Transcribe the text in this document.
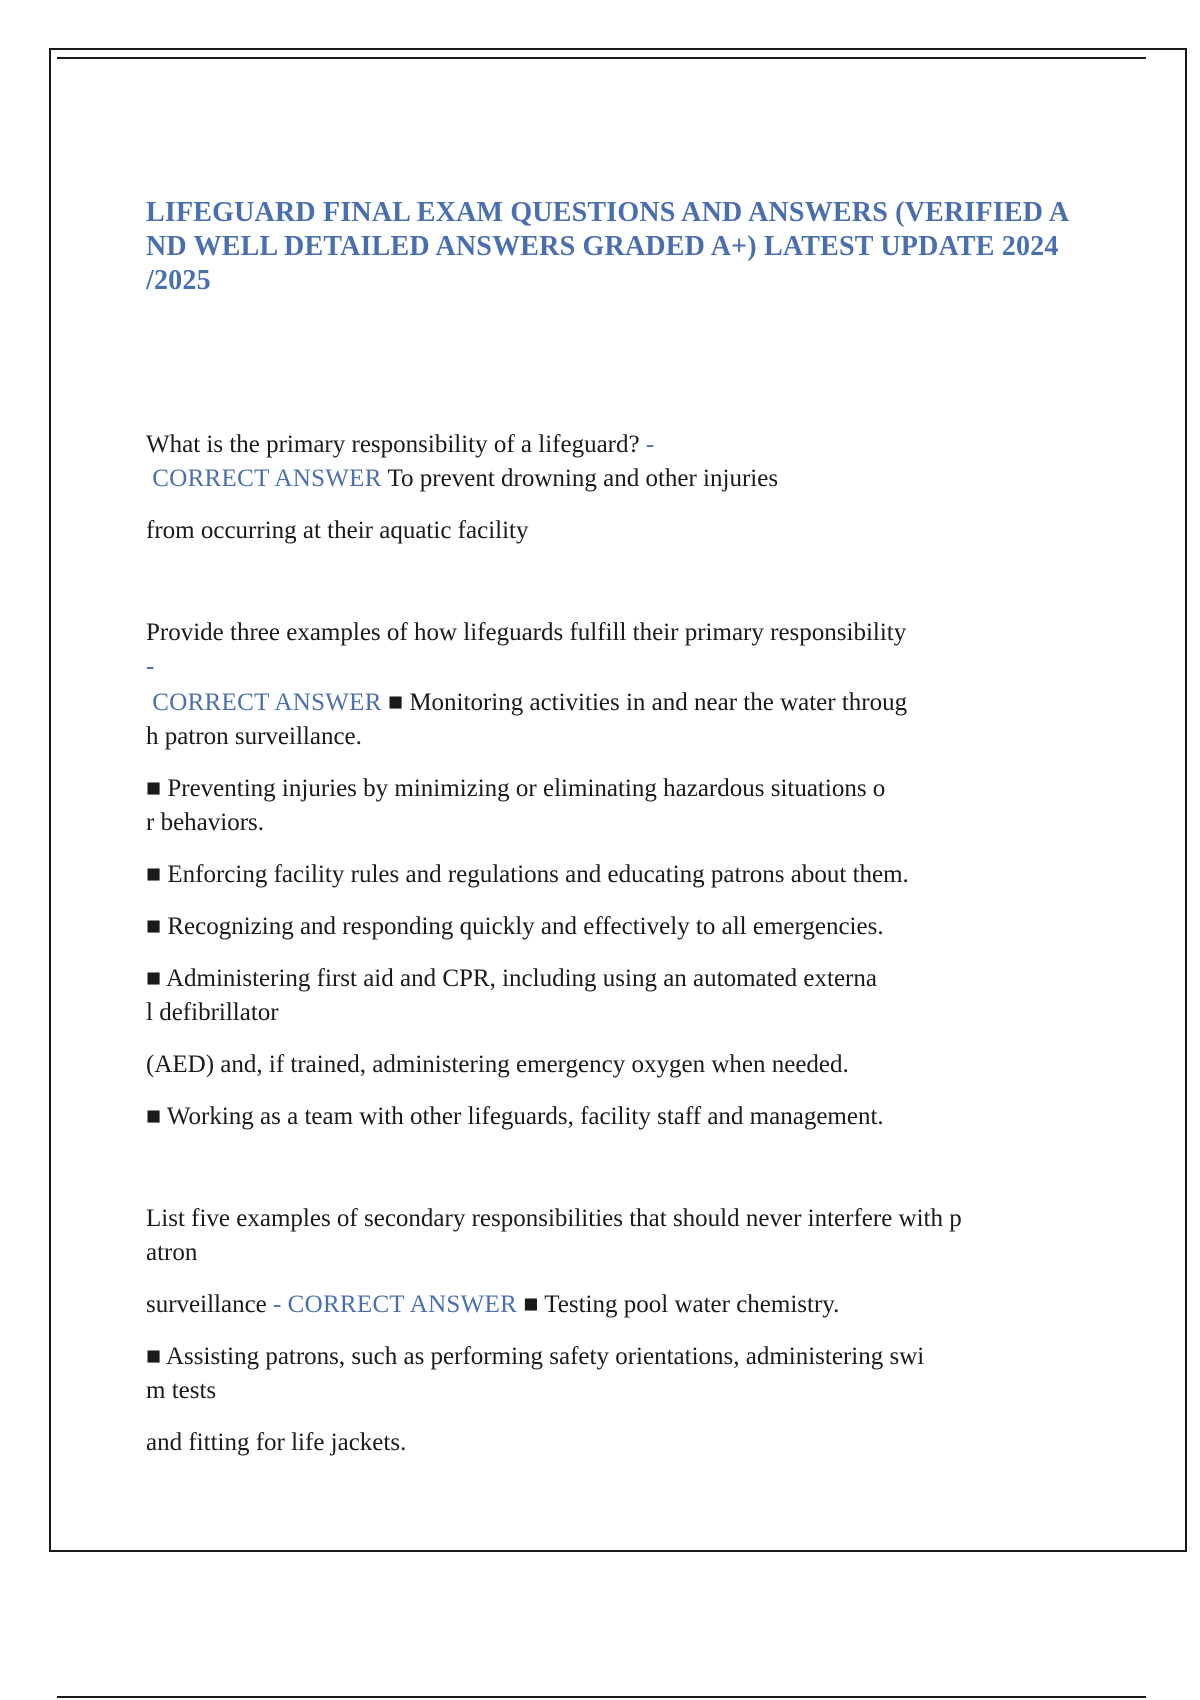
LIFEGUARD FINAL EXAM QUESTIONS AND ANSWERS (VERIFIED A
ND WELL DETAILED ANSWERS GRADED A+) LATEST UPDATE 2024
/2025

What is the primary responsibility of a lifeguard? -

CORRECT ANSWER To prevent drowning and other injuries

from occurring at their aquatic facility

Provide three examples of how lifeguards fulfill their primary responsibility

-

CORRECT ANSWER ■ Monitoring activities in and near the water throug

h patron surveillance.

■ Preventing injuries by minimizing or eliminating hazardous situations o

r behaviors.

■ Enforcing facility rules and regulations and educating patrons about them.

■ Recognizing and responding quickly and effectively to all emergencies.

■ Administering first aid and CPR, including using an automated externa

l defibrillator

(AED) and, if trained, administering emergency oxygen when needed.

■ Working as a team with other lifeguards, facility staff and management.

List five examples of secondary responsibilities that should never interfere with p

atron

surveillance - CORRECT ANSWER ■ Testing pool water chemistry.

■ Assisting patrons, such as performing safety orientations, administering swi

m tests

and fitting for life jackets.
